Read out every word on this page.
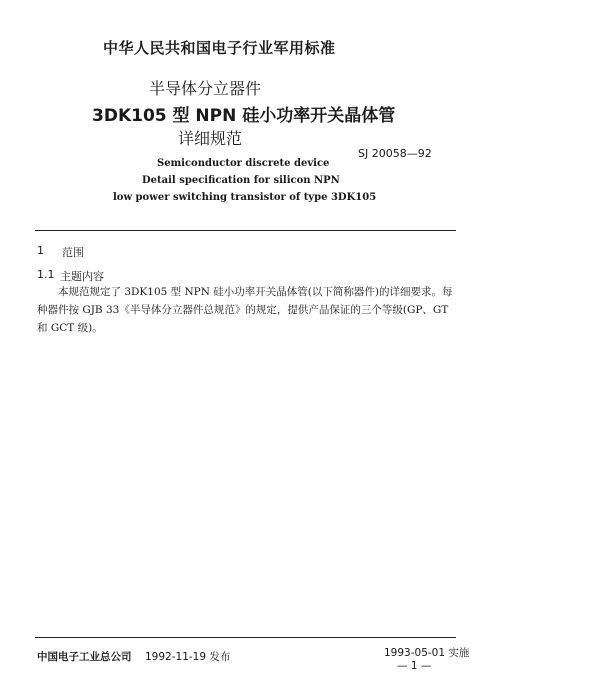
中华人民共和国电子行业军用标准
半导体分立器件
3DK105 型 NPN 硅小功率开关晶体管
详细规范
SJ 20058—92
Semiconductor discrete device
Detail specification for silicon NPN
low power switching transistor of type 3DK105
1 范围
1.1 主题内容
本规范规定了 3DK105 型 NPN 硅小功率开关晶体管(以下简称器件)的详细要求。每种器件按 GJB 33《半导体分立器件总规范》的规定，提供产品保证的三个等级(GP、GT 和 GCT 级)。
中国电子工业总公司 1992-11-19 发布	1993-05-01 实施
— 1 —
